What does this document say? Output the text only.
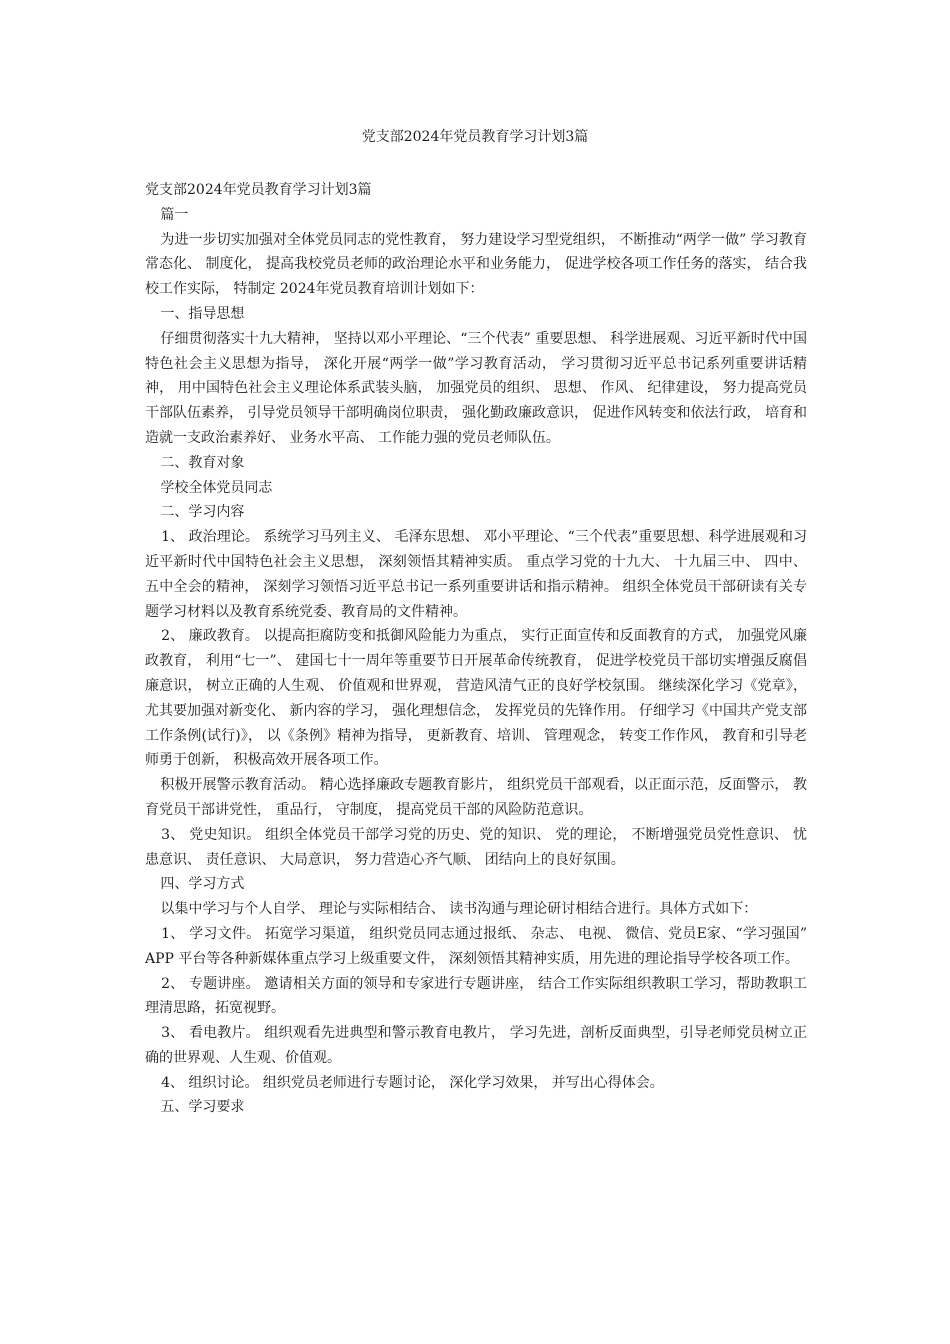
党支部2024年党员教育学习计划3篇

党支部2024年党员教育学习计划3篇

篇一

为进一步切实加强对全体党员同志的党性教育， 努力建设学习型党组织， 不断推动“两学一做” 学习教育常态化、 制度化， 提高我校党员老师的政治理论水平和业务能力， 促进学校各项工作任务的落实， 结合我校工作实际， 特制定 2024年党员教育培训计划如下：

一、指导思想

仔细贯彻落实十九大精神， 坚持以邓小平理论、“三个代表” 重要思想、 科学进展观、习近平新时代中国特色社会主义思想为指导， 深化开展“两学一做”学习教育活动， 学习贯彻习近平总书记系列重要讲话精神， 用中国特色社会主义理论体系武装头脑， 加强党员的组织、 思想、 作风、 纪律建设， 努力提高党员干部队伍素养， 引导党员领导干部明确岗位职责， 强化勤政廉政意识， 促进作风转变和依法行政， 培育和造就一支政治素养好、 业务水平高、 工作能力强的党员老师队伍。

二、教育对象

学校全体党员同志

二、学习内容

1、 政治理论。 系统学习马列主义、 毛泽东思想、 邓小平理论、“三个代表”重要思想、科学进展观和习近平新时代中国特色社会主义思想， 深刻领悟其精神实质。 重点学习党的十九大、 十九届三中、 四中、 五中全会的精神， 深刻学习领悟习近平总书记一系列重要讲话和指示精神。 组织全体党员干部研读有关专题学习材料以及教育系统党委、教育局的文件精神。

2、 廉政教育。 以提高拒腐防变和抵御风险能力为重点， 实行正面宣传和反面教育的方式， 加强党风廉政教育， 利用“七一”、 建国七十一周年等重要节日开展革命传统教育， 促进学校党员干部切实增强反腐倡廉意识， 树立正确的人生观、 价值观和世界观， 营造风清气正的良好学校氛围。 继续深化学习《党章》，尤其要加强对新变化、 新内容的学习， 强化理想信念， 发挥党员的先锋作用。 仔细学习《中国共产党支部工作条例(试行)》， 以《条例》精神为指导， 更新教育、培训、 管理观念， 转变工作作风， 教育和引导老师勇于创新， 积极高效开展各项工作。

积极开展警示教育活动。 精心选择廉政专题教育影片， 组织党员干部观看，以正面示范，反面警示， 教育党员干部讲党性， 重品行， 守制度， 提高党员干部的风险防范意识。

3、 党史知识。 组织全体党员干部学习党的历史、党的知识、 党的理论， 不断增强党员党性意识、 忧患意识、 责任意识、 大局意识， 努力营造心齐气顺、 团结向上的良好氛围。

四、学习方式

以集中学习与个人自学、 理论与实际相结合、 读书沟通与理论研讨相结合进行。具体方式如下：

1、 学习文件。 拓宽学习渠道， 组织党员同志通过报纸、 杂志、 电视、 微信、党员E家、“学习强国” APP 平台等各种新媒体重点学习上级重要文件， 深刻领悟其精神实质，用先进的理论指导学校各项工作。

2、 专题讲座。 邀请相关方面的领导和专家进行专题讲座， 结合工作实际组织教职工学习，帮助教职工理清思路，拓宽视野。

3、 看电教片。 组织观看先进典型和警示教育电教片， 学习先进，剖析反面典型，引导老师党员树立正确的世界观、人生观、价值观。

4、 组织讨论。 组织党员老师进行专题讨论， 深化学习效果， 并写出心得体会。

五、学习要求
